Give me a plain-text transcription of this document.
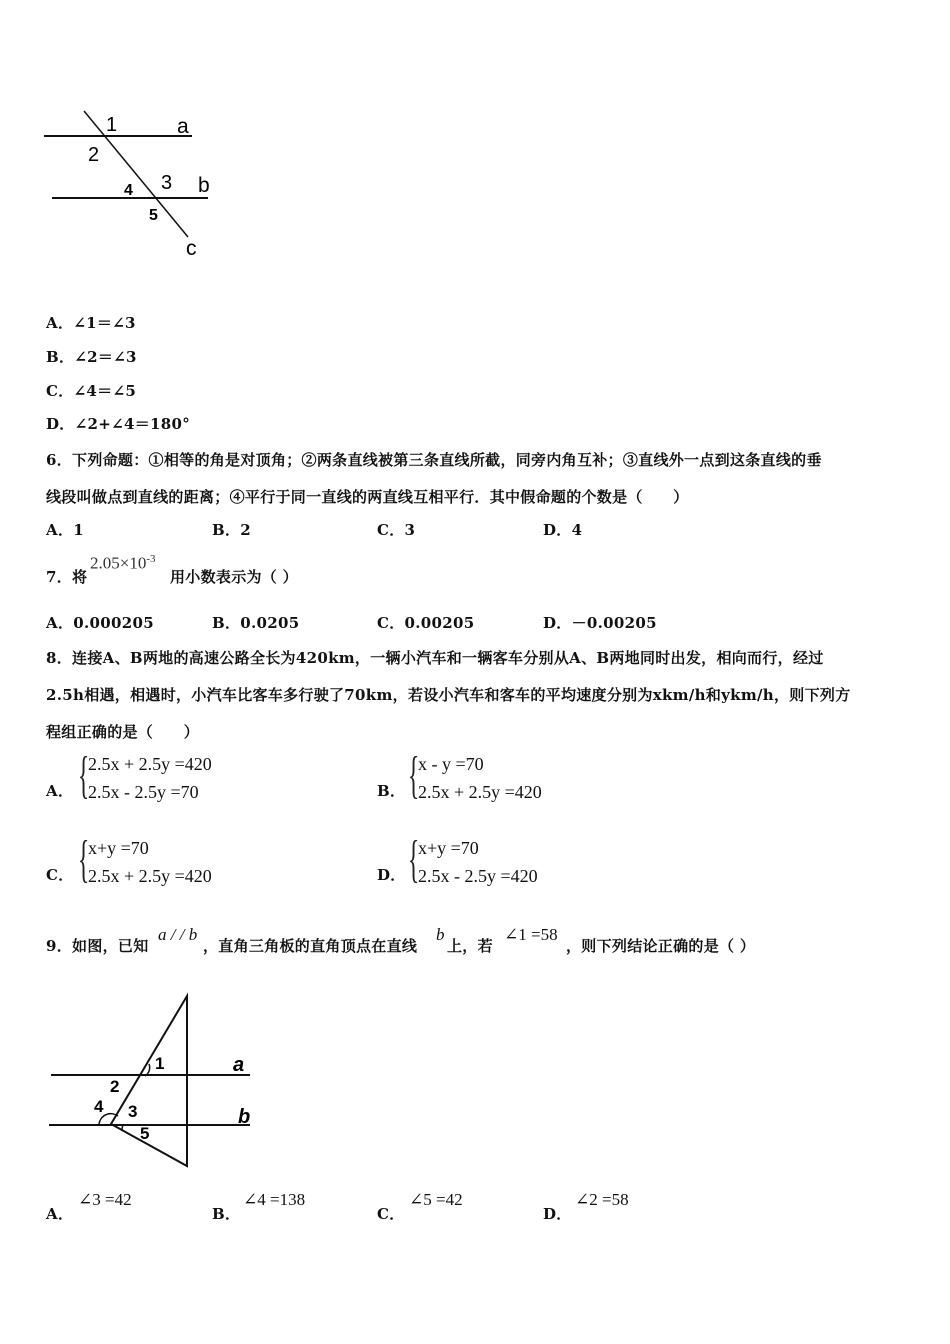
1	a
2
4 3 b
5
c
A．∠1＝∠3
B．∠2＝∠3
C．∠4＝∠5
D．∠2+∠4＝180°
6．下列命题：①相等的角是对顶角；②两条直线被第三条直线所截，同旁内角互补；③直线外一点到这条直线的垂
线段叫做点到直线的距离；④平行于同一直线的两直线互相平行．其中假命题的个数是（　　）
A．1	B．2	C．3	D．4
7．将
$2.05\times 10^{-3}$
用小数表示为（ ）
A．0.000205	B．0.0205	C．0.00205	D．－0.00205
8．连接A、B两地的高速公路全长为420km，一辆小汽车和一辆客车分别从A、B两地同时出发，相向而行，经过
2.5h相遇，相遇时，小汽车比客车多行驶了70km，若设小汽车和客车的平均速度分别为xkm/h和ykm/h，则下列方
程组正确的是（　　）
A． {
2.5x + 2.5y =420
2.5x - 2.5y =70	B． {
x - y =70
2.5x + 2.5y =420
C． {
x+y =70
2.5x + 2.5y =420	D． {
x+y =70
2.5x - 2.5y =420
9．如图，已知
a / / b
，直角三角板的直角顶点在直线
b
上，若
∠1 =58
，则下列结论正确的是（ ）
1	a
2
4 3	b
5
A．
∠3 =42
B．
∠4 =138
C．
∠5 =42
D．
∠2 =58
